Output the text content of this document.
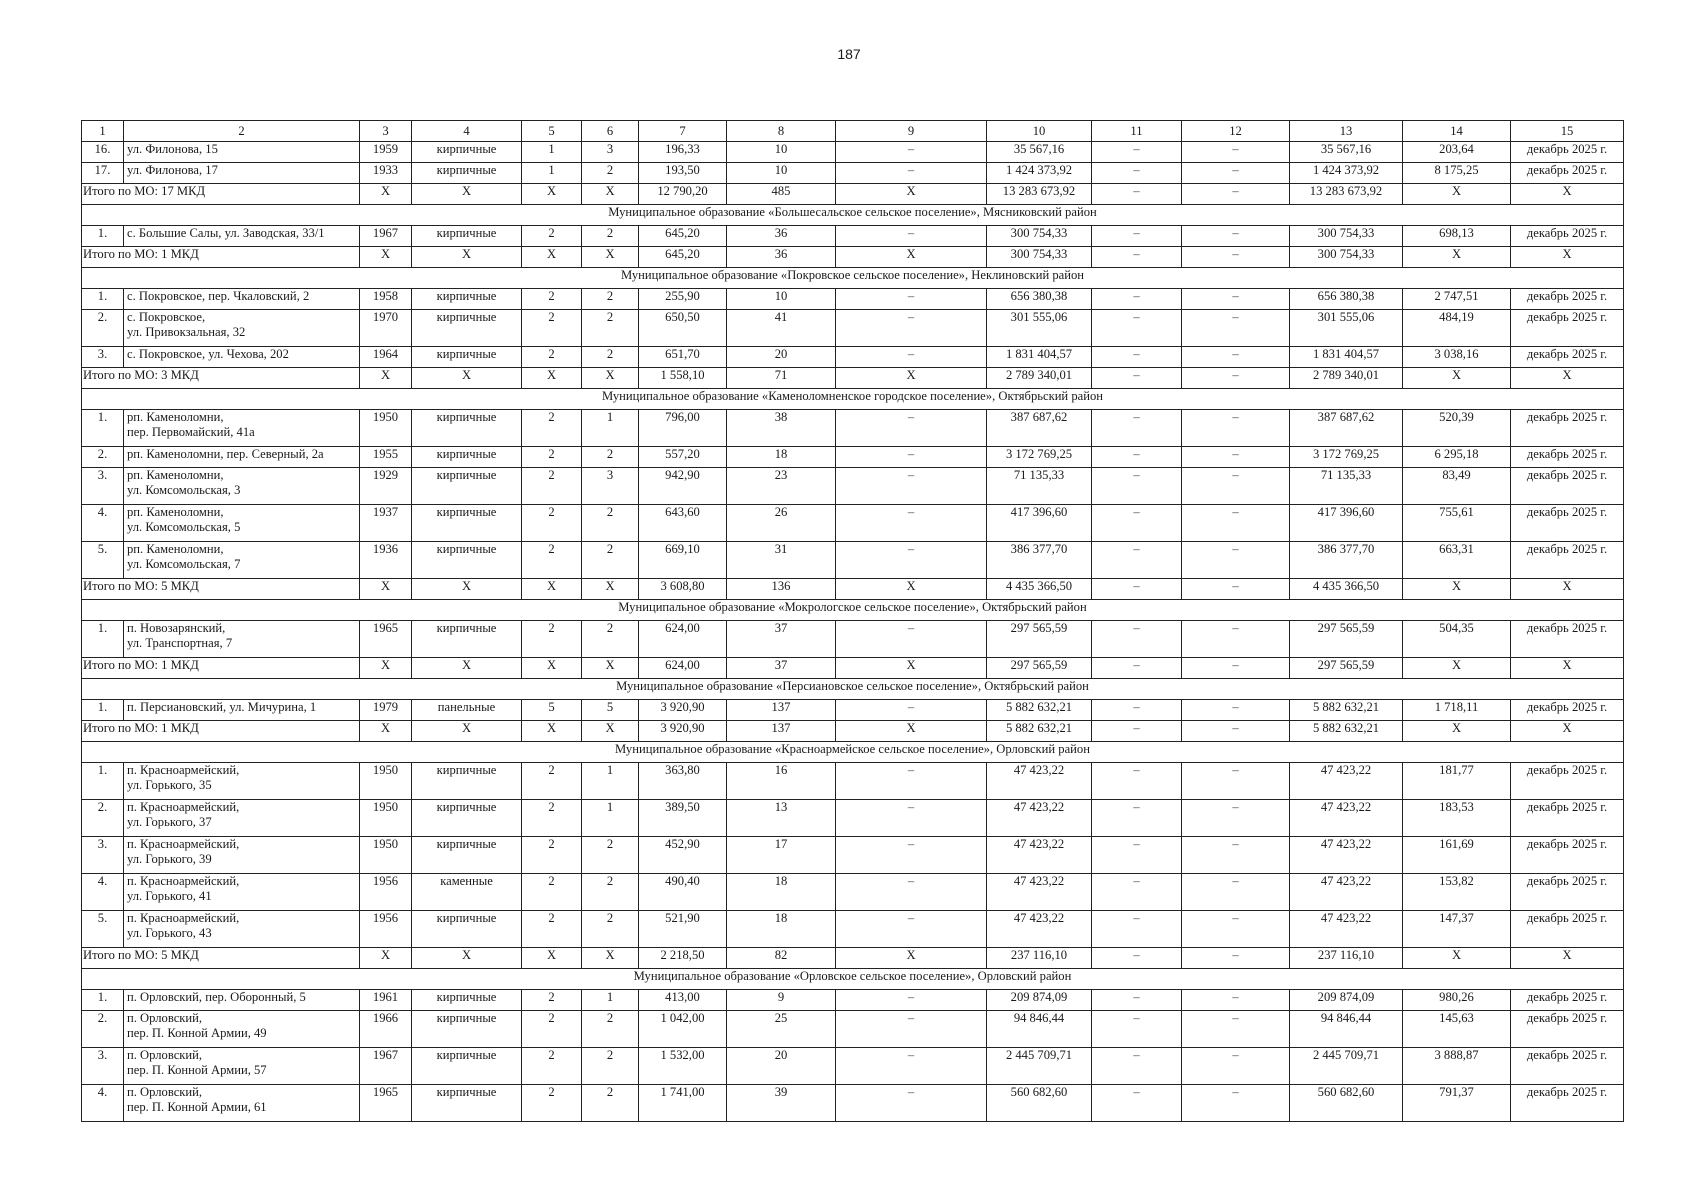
187
1	2	3	4	5	6	7	8	9	10	11	12	13	14	15
16.	ул. Филонова, 15	1959	кирпичные	1	3	196,33	10	–	35 567,16	–	–	35 567,16	203,64	декабрь 2025 г.
17.	ул. Филонова, 17	1933	кирпичные	1	2	193,50	10	–	1 424 373,92	–	–	1 424 373,92	8 175,25	декабрь 2025 г.
Итого по МО: 17 МКД		X	X	X	X	12 790,20	485	X	13 283 673,92	–	–	13 283 673,92	X	X
Муниципальное образование «Большесальское сельское поселение», Мясниковский район														
1.	с. Большие Салы, ул. Заводская, 33/1	1967	кирпичные	2	2	645,20	36	–	300 754,33	–	–	300 754,33	698,13	декабрь 2025 г.
Итого по МО: 1 МКД		X	X	X	X	645,20	36	X	300 754,33	–	–	300 754,33	X	X
Муниципальное образование «Покровское сельское поселение», Неклиновский район														
1.	с. Покровское, пер. Чкаловский, 2	1958	кирпичные	2	2	255,90	10	–	656 380,38	–	–	656 380,38	2 747,51	декабрь 2025 г.
2.	с. Покровское,
ул. Привокзальная, 32	1970	кирпичные	2	2	650,50	41	–	301 555,06	–	–	301 555,06	484,19	декабрь 2025 г.
3.	с. Покровское, ул. Чехова, 202	1964	кирпичные	2	2	651,70	20	–	1 831 404,57	–	–	1 831 404,57	3 038,16	декабрь 2025 г.
Итого по МО: 3 МКД		X	X	X	X	1 558,10	71	X	2 789 340,01	–	–	2 789 340,01	X	X
Муниципальное образование «Каменоломненское городское поселение», Октябрьский район														
1.	рп. Каменоломни,
пер. Первомайский, 41а	1950	кирпичные	2	1	796,00	38	–	387 687,62	–	–	387 687,62	520,39	декабрь 2025 г.
2.	рп. Каменоломни, пер. Северный, 2а	1955	кирпичные	2	2	557,20	18	–	3 172 769,25	–	–	3 172 769,25	6 295,18	декабрь 2025 г.
3.	рп. Каменоломни,
ул. Комсомольская, 3	1929	кирпичные	2	3	942,90	23	–	71 135,33	–	–	71 135,33	83,49	декабрь 2025 г.
4.	рп. Каменоломни,
ул. Комсомольская, 5	1937	кирпичные	2	2	643,60	26	–	417 396,60	–	–	417 396,60	755,61	декабрь 2025 г.
5.	рп. Каменоломни,
ул. Комсомольская, 7	1936	кирпичные	2	2	669,10	31	–	386 377,70	–	–	386 377,70	663,31	декабрь 2025 г.
Итого по МО: 5 МКД		X	X	X	X	3 608,80	136	X	4 435 366,50	–	–	4 435 366,50	X	X
Муниципальное образование «Мокрологское сельское поселение», Октябрьский район														
1.	п. Новозарянский,
ул. Транспортная, 7	1965	кирпичные	2	2	624,00	37	–	297 565,59	–	–	297 565,59	504,35	декабрь 2025 г.
Итого по МО: 1 МКД		X	X	X	X	624,00	37	X	297 565,59	–	–	297 565,59	X	X
Муниципальное образование «Персиановское сельское поселение», Октябрьский район														
1.	п. Персиановский, ул. Мичурина, 1	1979	панельные	5	5	3 920,90	137	–	5 882 632,21	–	–	5 882 632,21	1 718,11	декабрь 2025 г.
Итого по МО: 1 МКД		X	X	X	X	3 920,90	137	X	5 882 632,21	–	–	5 882 632,21	X	X
Муниципальное образование «Красноармейское сельское поселение», Орловский район														
1.	п. Красноармейский,
ул. Горького, 35	1950	кирпичные	2	1	363,80	16	–	47 423,22	–	–	47 423,22	181,77	декабрь 2025 г.
2.	п. Красноармейский,
ул. Горького, 37	1950	кирпичные	2	1	389,50	13	–	47 423,22	–	–	47 423,22	183,53	декабрь 2025 г.
3.	п. Красноармейский,
ул. Горького, 39	1950	кирпичные	2	2	452,90	17	–	47 423,22	–	–	47 423,22	161,69	декабрь 2025 г.
4.	п. Красноармейский,
ул. Горького, 41	1956	каменные	2	2	490,40	18	–	47 423,22	–	–	47 423,22	153,82	декабрь 2025 г.
5.	п. Красноармейский,
ул. Горького, 43	1956	кирпичные	2	2	521,90	18	–	47 423,22	–	–	47 423,22	147,37	декабрь 2025 г.
Итого по МО: 5 МКД		X	X	X	X	2 218,50	82	X	237 116,10	–	–	237 116,10	X	X
Муниципальное образование «Орловское сельское поселение», Орловский район														
1.	п. Орловский, пер. Оборонный, 5	1961	кирпичные	2	1	413,00	9	–	209 874,09	–	–	209 874,09	980,26	декабрь 2025 г.
2.	п. Орловский,
пер. П. Конной Армии, 49	1966	кирпичные	2	2	1 042,00	25	–	94 846,44	–	–	94 846,44	145,63	декабрь 2025 г.
3.	п. Орловский,
пер. П. Конной Армии, 57	1967	кирпичные	2	2	1 532,00	20	–	2 445 709,71	–	–	2 445 709,71	3 888,87	декабрь 2025 г.
4.	п. Орловский,
пер. П. Конной Армии, 61	1965	кирпичные	2	2	1 741,00	39	–	560 682,60	–	–	560 682,60	791,37	декабрь 2025 г.
